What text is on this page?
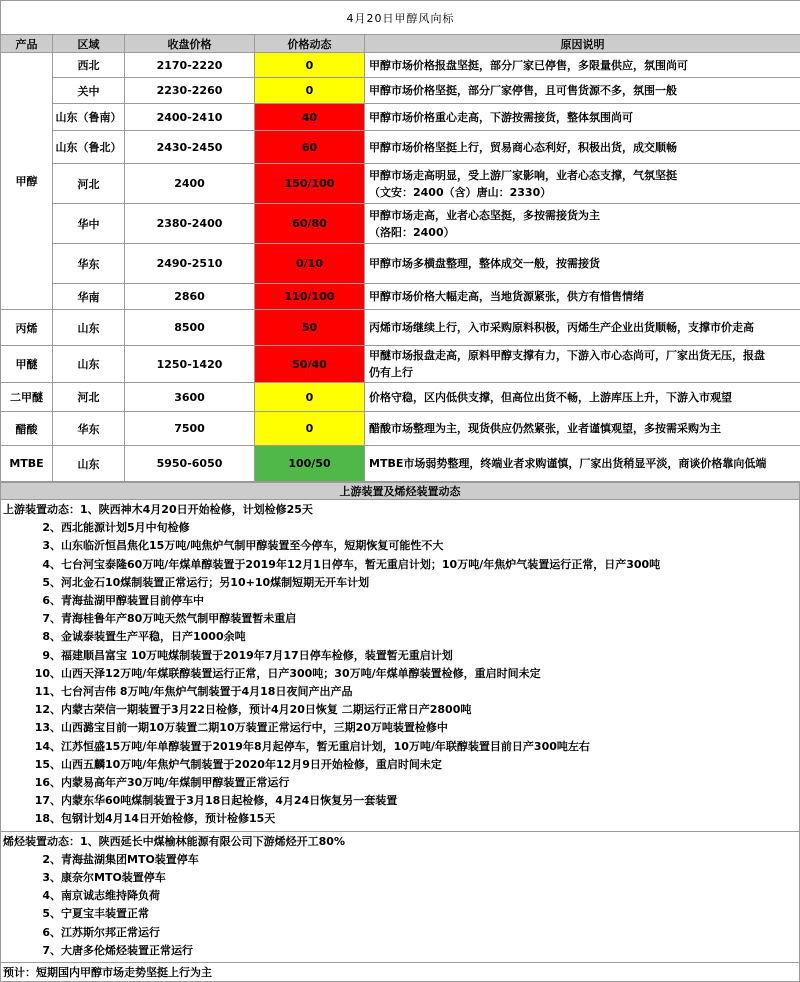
4月20日甲醇风向标				
产品	区域	收盘价格	价格动态	原因说明
甲醇	西北	2170-2220	0	甲醇市场价格报盘坚挺，部分厂家已停售，多限量供应，氛围尚可

	关中	2230-2260	0	甲醇市场价格坚挺，部分厂家停售，且可售货源不多，氛围一般

	山东（鲁南）	2400-2410	40	甲醇市场价格重心走高，下游按需接货，整体氛围尚可

	山东（鲁北）	2430-2450	60	甲醇市场价格坚挺上行，贸易商心态利好，积极出货，成交顺畅

	河北	2400	150/100	甲醇市场走高明显，受上游厂家影响，业者心态支撑，气氛坚挺
（文安：2400（含）唐山：2330）

	华中	2380-2400	60/80	甲醇市场走高，业者心态坚挺，多按需接货为主
（洛阳：2400）

	华东	2490-2510	0/10	甲醇市场多横盘整理，整体成交一般，按需接货

	华南	2860	110/100	甲醇市场价格大幅走高，当地货源紧张，供方有惜售情绪

丙烯	山东	8500	50	丙烯市场继续上行，入市采购原料积极，丙烯生产企业出货顺畅，支撑市价走高

甲醚	山东	1250-1420	50/40	甲醚市场报盘走高，原料甲醇支撑有力，下游入市心态尚可，厂家出货无压，报盘
仍有上行

二甲醚	河北	3600	0	价格守稳，区内低供支撑，但高位出货不畅，上游库压上升，下游入市观望

醋酸	华东	7500	0	醋酸市场整理为主，现货供应仍然紧张，业者谨慎观望，多按需采购为主

MTBE	山东	5950-6050	100/50	MTBE市场弱势整理，终端业者求购谨慎，厂家出货稍显平淡，商谈价格靠向低端
上游装置及烯烃装置动态

上游装置动态：1、陕西神木4月20日开始检修，计划检修25天
2、西北能源计划5月中旬检修
3、山东临沂恒昌焦化15万吨/吨焦炉气制甲醇装置至今停车，短期恢复可能性不大
4、七台河宝泰隆60万吨/年煤单醇装置于2019年12月1日停车，暂无重启计划；10万吨/年焦炉气装置运行正常，日产300吨
5、河北金石10煤制装置正常运行；另10+10煤制短期无开车计划
6、青海盐湖甲醇装置目前停车中
7、青海桂鲁年产80万吨天然气制甲醇装置暂未重启
8、金诚泰装置生产平稳，日产1000余吨
9、福建顺昌富宝 10万吨煤制装置于2019年7月17日停车检修，装置暂无重启计划
10、山西天泽12万吨/年煤联醇装置运行正常，日产300吨；30万吨/年煤单醇装置检修，重启时间未定
11、七台河吉伟 8万吨/年焦炉气制装置于4月18日夜间产出产品
12、内蒙古荣信一期装置于3月22日检修，预计4月20日恢复 二期运行正常日产2800吨
13、山西潞宝目前一期10万装置二期10万装置正常运行中，三期20万吨装置检修中
14、江苏恒盛15万吨/年单醇装置于2019年8月起停车，暂无重启计划，10万吨/年联醇装置目前日产300吨左右
15、山西五麟10万吨/年焦炉气制装置于2020年12月9日开始检修，重启时间未定
16、内蒙易高年产30万吨/年煤制甲醇装置正常运行
17、内蒙东华60吨煤制装置于3月18日起检修，4月24日恢复另一套装置
18、包钢计划4月14日开始检修，预计检修15天

烯烃装置动态：1、陕西延长中煤榆林能源有限公司下游烯烃开工80%
2、青海盐湖集团MTO装置停车
3、康奈尔MTO装置停车
4、南京诚志维持降负荷
5、宁夏宝丰装置正常
6、江苏斯尔邦正常运行
7、大唐多伦烯烃装置正常运行

预计：短期国内甲醇市场走势坚挺上行为主
